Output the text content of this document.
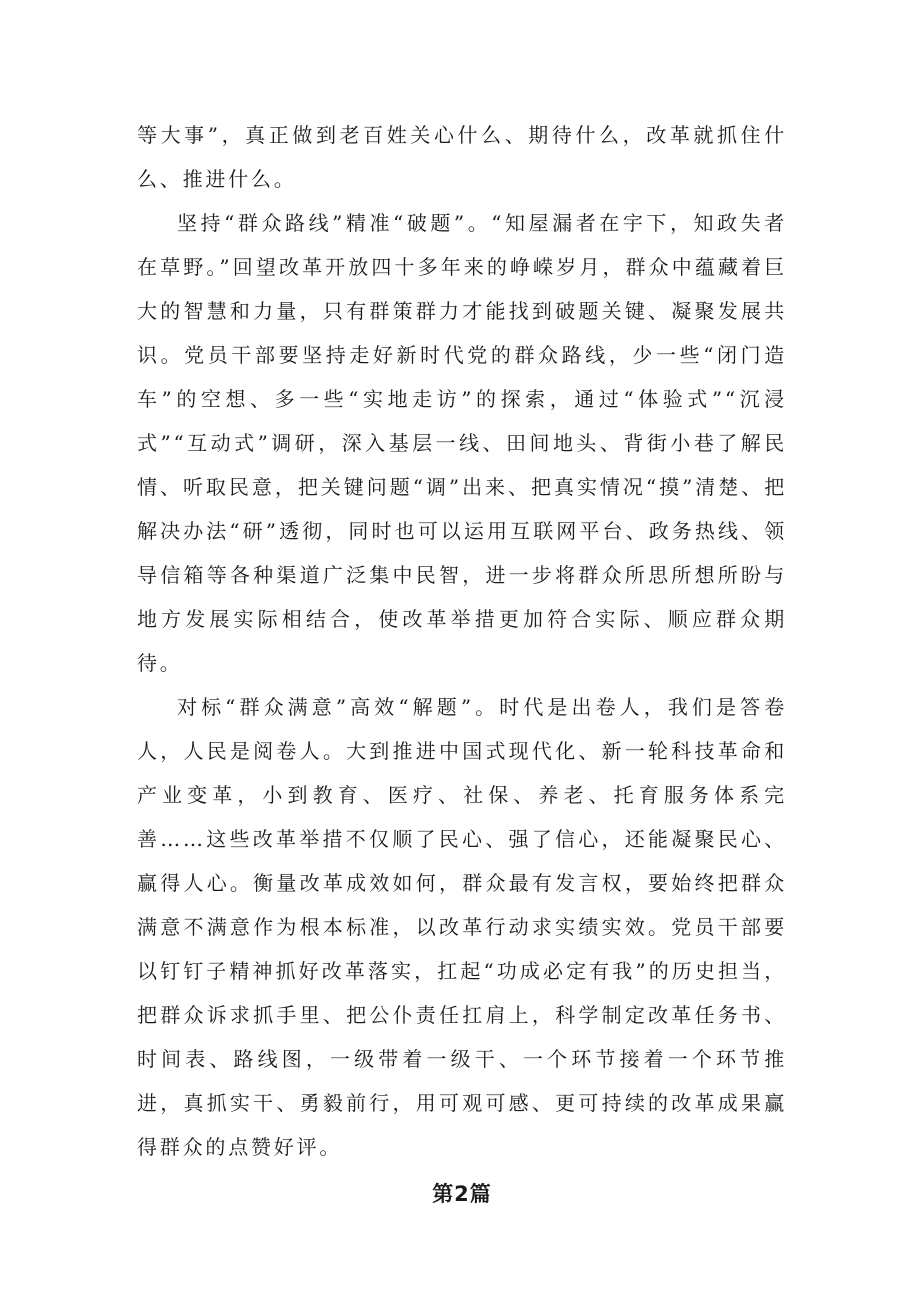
等大事”，真正做到老百姓关心什么、期待什么，改革就抓住什么、推进什么。

坚持“群众路线”精准“破题”。“知屋漏者在宇下，知政失者在草野。”回望改革开放四十多年来的峥嵘岁月，群众中蕴藏着巨大的智慧和力量，只有群策群力才能找到破题关键、凝聚发展共识。党员干部要坚持走好新时代党的群众路线，少一些“闭门造车”的空想、多一些“实地走访”的探索，通过“体验式”“沉浸式”“互动式”调研，深入基层一线、田间地头、背街小巷了解民情、听取民意，把关键问题“调”出来、把真实情况“摸”清楚、把解决办法“研”透彻，同时也可以运用互联网平台、政务热线、领导信箱等各种渠道广泛集中民智，进一步将群众所思所想所盼与地方发展实际相结合，使改革举措更加符合实际、顺应群众期待。

对标“群众满意”高效“解题”。时代是出卷人，我们是答卷人，人民是阅卷人。大到推进中国式现代化、新一轮科技革命和产业变革，小到教育、医疗、社保、养老、托育服务体系完善……这些改革举措不仅顺了民心、强了信心，还能凝聚民心、赢得人心。衡量改革成效如何，群众最有发言权，要始终把群众满意不满意作为根本标准，以改革行动求实绩实效。党员干部要以钉钉子精神抓好改革落实，扛起“功成必定有我”的历史担当，把群众诉求抓手里、把公仆责任扛肩上，科学制定改革任务书、时间表、路线图，一级带着一级干、一个环节接着一个环节推进，真抓实干、勇毅前行，用可观可感、更可持续的改革成果赢得群众的点赞好评。

第2篇
